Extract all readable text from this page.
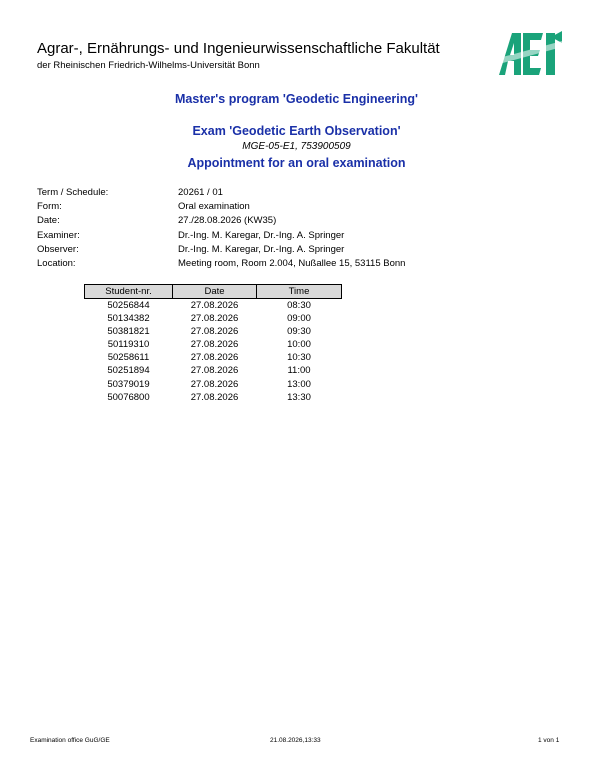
Agrar-, Ernährungs- und Ingenieurwissenschaftliche Fakultät
der Rheinischen Friedrich-Wilhelms-Universität Bonn
Master's program 'Geodetic Engineering'
Exam 'Geodetic Earth Observation'
MGE-05-E1, 753900509
Appointment for an oral examination
Term / Schedule:	20261 / 01
Form:	Oral examination
Date:	27./28.08.2026 (KW35)
Examiner:	Dr.-Ing. M. Karegar, Dr.-Ing. A. Springer
Observer:	Dr.-Ing. M. Karegar, Dr.-Ing. A. Springer
Location:	Meeting room, Room 2.004, Nußallee 15, 53115 Bonn
Student-nr.	Date	Time
50256844	27.08.2026	08:30
50134382	27.08.2026	09:00
50381821	27.08.2026	09:30
50119310	27.08.2026	10:00
50258611	27.08.2026	10:30
50251894	27.08.2026	11:00
50379019	27.08.2026	13:00
50076800	27.08.2026	13:30
Examination office GuG/GE	21.08.2026,13:33	1 von 1
